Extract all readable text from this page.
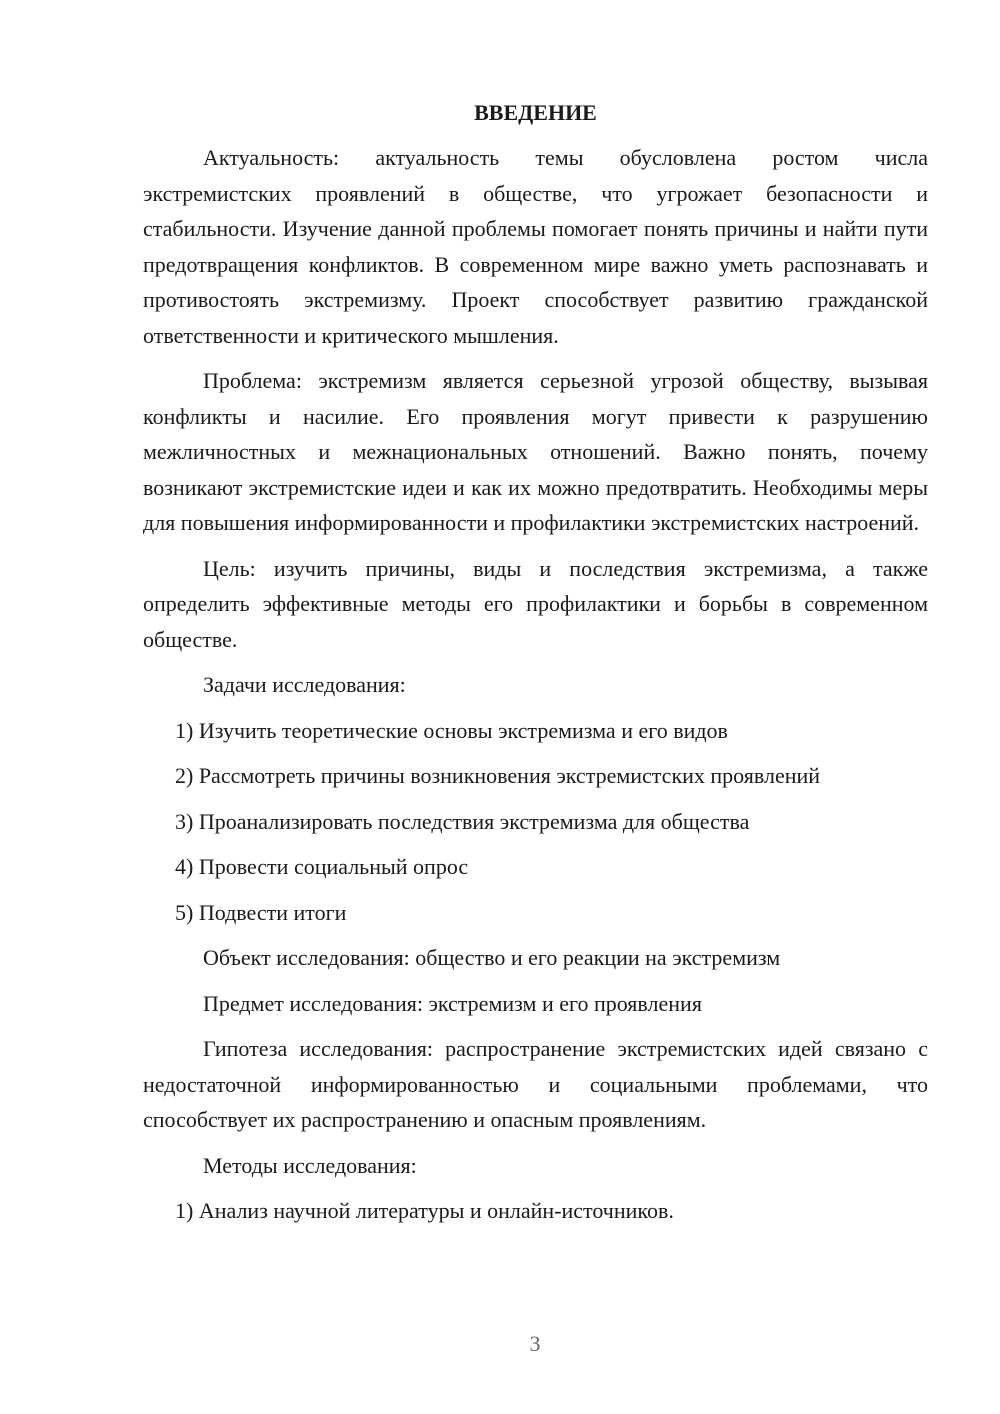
ВВЕДЕНИЕ

Актуальность: актуальность темы обусловлена ростом числа экстремистских проявлений в обществе, что угрожает безопасности и стабильности. Изучение данной проблемы помогает понять причины и найти пути предотвращения конфликтов. В современном мире важно уметь распознавать и противостоять экстремизму. Проект способствует развитию гражданской ответственности и критического мышления.

Проблема: экстремизм является серьезной угрозой обществу, вызывая конфликты и насилие. Его проявления могут привести к разрушению межличностных и межнациональных отношений. Важно понять, почему возникают экстремистские идеи и как их можно предотвратить. Необходимы меры для повышения информированности и профилактики экстремистских настроений.

Цель: изучить причины, виды и последствия экстремизма, а также определить эффективные методы его профилактики и борьбы в современном обществе.

Задачи исследования:

1) Изучить теоретические основы экстремизма и его видов

2) Рассмотреть причины возникновения экстремистских проявлений

3) Проанализировать последствия экстремизма для общества

4) Провести социальный опрос

5) Подвести итоги

Объект исследования: общество и его реакции на экстремизм

Предмет исследования: экстремизм и его проявления

Гипотеза исследования: распространение экстремистских идей связано с недостаточной информированностью и социальными проблемами, что способствует их распространению и опасным проявлениям.

Методы исследования:

1) Анализ научной литературы и онлайн-источников.

3
